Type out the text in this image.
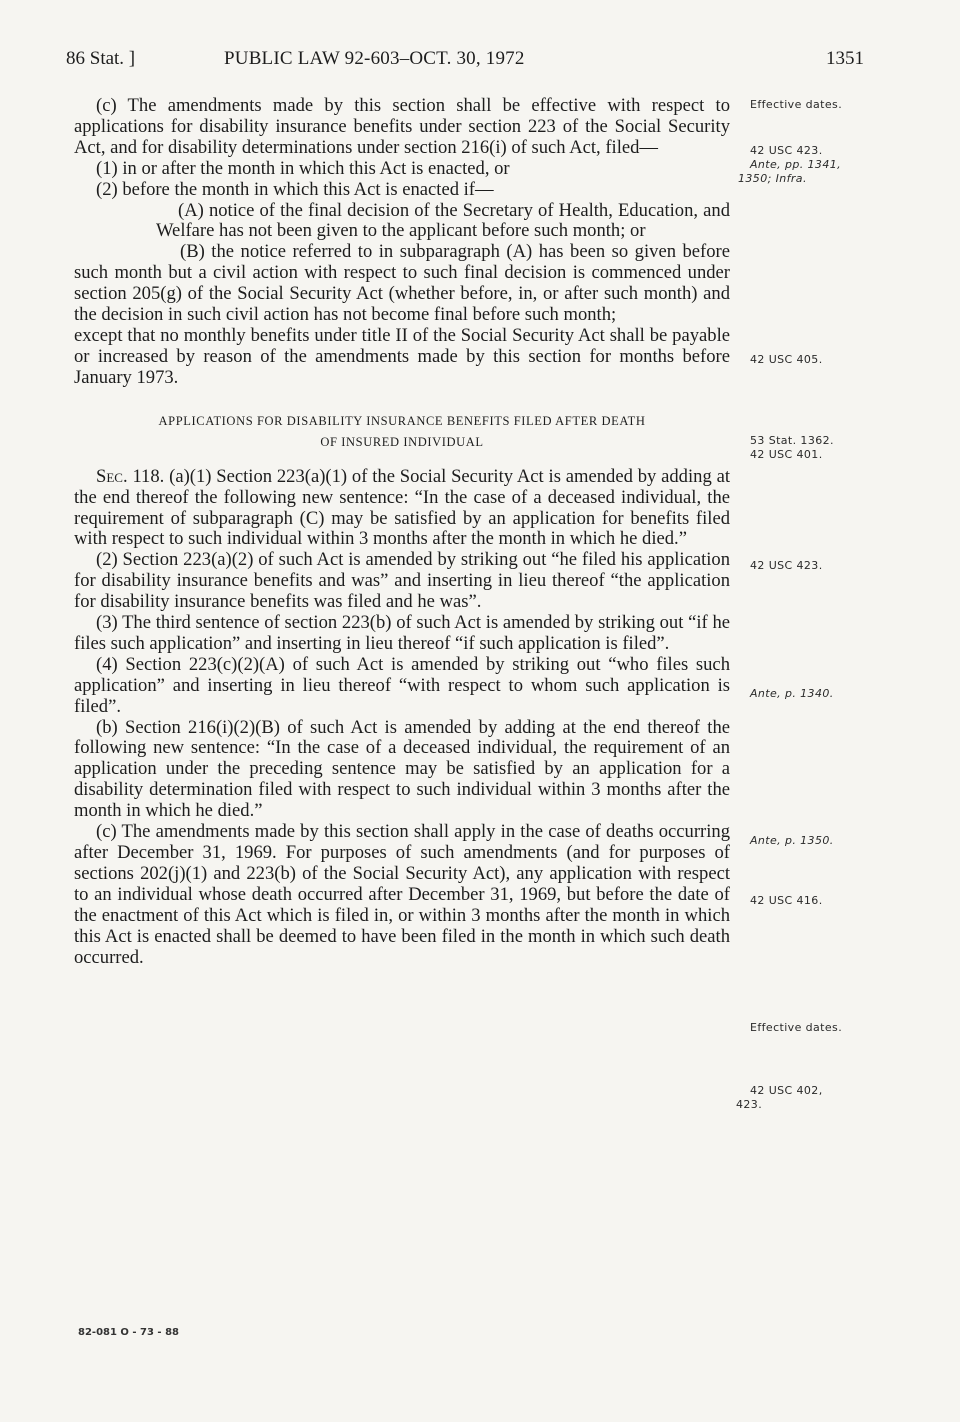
86 Stat. ]	PUBLIC LAW 92-603–OCT. 30, 1972	1351

(c) The amendments made by this section shall be effective with respect to applications for disability insurance benefits under section 223 of the Social Security Act, and for disability determinations under section 216(i) of such Act, filed—

(1) in or after the month in which this Act is enacted, or

(2) before the month in which this Act is enacted if—

(A) notice of the final decision of the Secretary of Health, Education, and Welfare has not been given to the applicant before such month; or

(B) the notice referred to in subparagraph (A) has been so given before such month but a civil action with respect to such final decision is commenced under section 205(g) of the Social Security Act (whether before, in, or after such month) and the decision in such civil action has not become final before such month;

except that no monthly benefits under title II of the Social Security Act shall be payable or increased by reason of the amendments made by this section for months before January 1973.

APPLICATIONS FOR DISABILITY INSURANCE BENEFITS FILED AFTER DEATH
OF INSURED INDIVIDUAL

Sec. 118. (a)(1) Section 223(a)(1) of the Social Security Act is amended by adding at the end thereof the following new sentence: “In the case of a deceased individual, the requirement of subparagraph (C) may be satisfied by an application for benefits filed with respect to such individual within 3 months after the month in which he died.”

(2) Section 223(a)(2) of such Act is amended by striking out “he filed his application for disability insurance benefits and was” and inserting in lieu thereof “the application for disability insurance benefits was filed and he was”.

(3) The third sentence of section 223(b) of such Act is amended by striking out “if he files such application” and inserting in lieu thereof “if such application is filed”.

(4) Section 223(c)(2)(A) of such Act is amended by striking out “who files such application” and inserting in lieu thereof “with respect to whom such application is filed”.

(b) Section 216(i)(2)(B) of such Act is amended by adding at the end thereof the following new sentence: “In the case of a deceased individual, the requirement of an application under the preceding sentence may be satisfied by an application for a disability determination filed with respect to such individual within 3 months after the month in which he died.”

(c) The amendments made by this section shall apply in the case of deaths occurring after December 31, 1969. For purposes of such amendments (and for purposes of sections 202(j)(1) and 223(b) of the Social Security Act), any application with respect to an individual whose death occurred after December 31, 1969, but before the date of the enactment of this Act which is filed in, or within 3 months after the month in which this Act is enacted shall be deemed to have been filed in the month in which such death occurred.

Effective dates.
42 USC 423.
Ante, pp. 1341,
1350; Infra.
42 USC 405.
53 Stat. 1362.
42 USC 401.
42 USC 423.
Ante, p. 1340.
Ante, p. 1350.
42 USC 416.
Effective dates.
42 USC 402,
423.
82-081 O - 73 - 88
